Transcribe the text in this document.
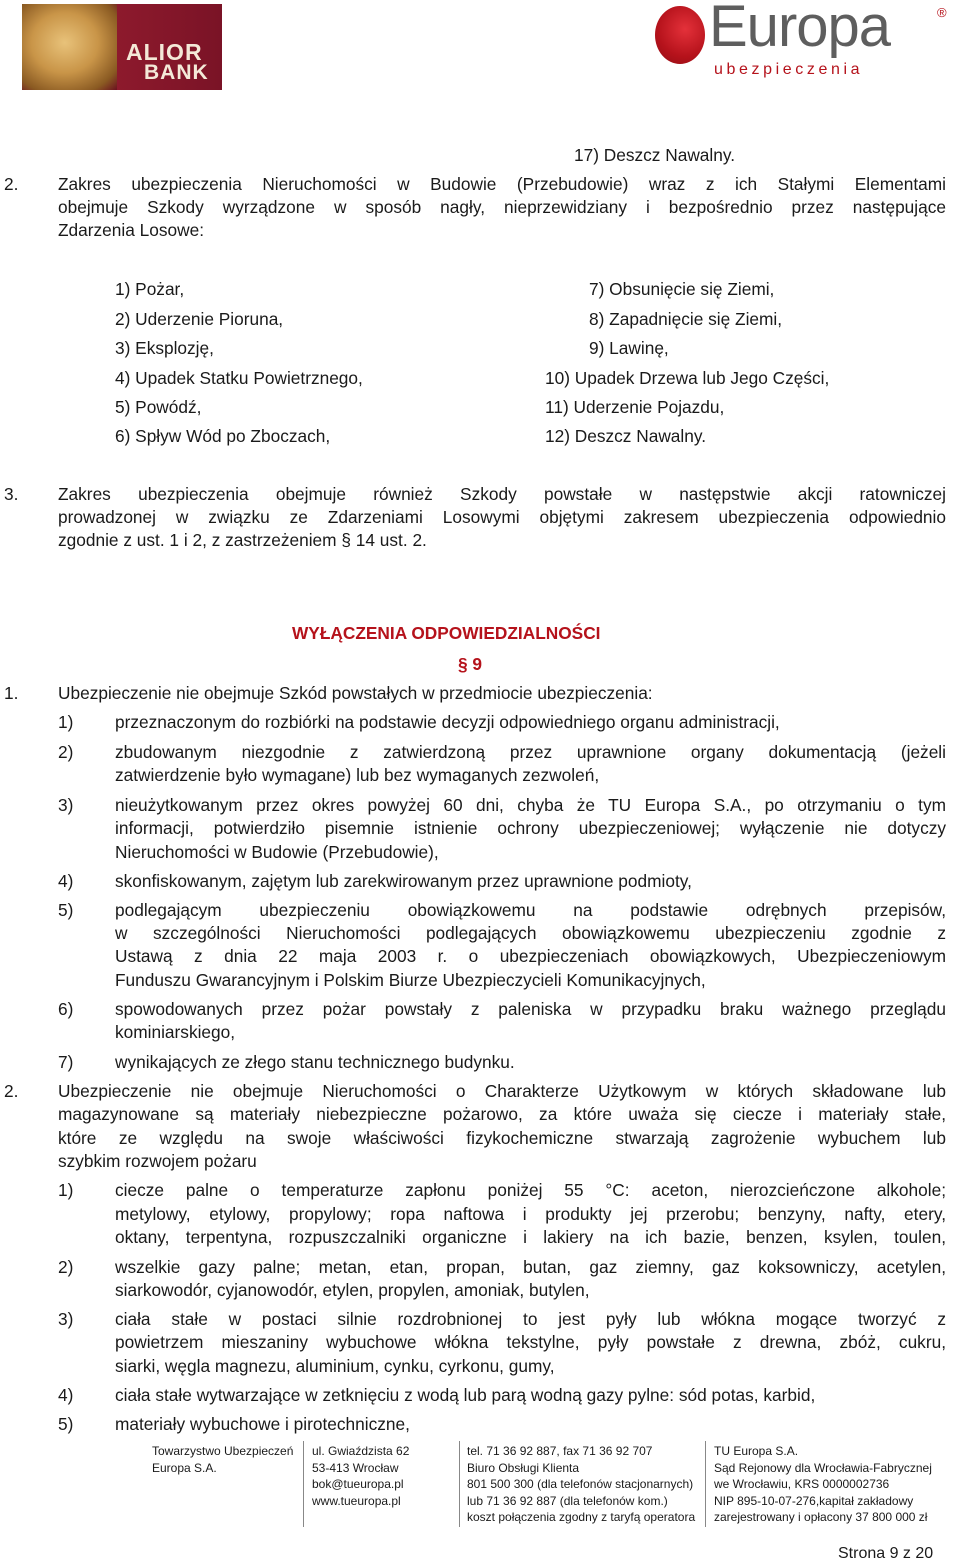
ALIOR
BANK
Europa
ubezpieczenia
®
17) Deszcz Nawalny.
2. Zakres ubezpieczenia Nieruchomości w Budowie (Przebudowie) wraz z ich Stałymi Elementami
obejmuje Szkody wyrządzone w sposób nagły, nieprzewidziany i bezpośrednio przez następujące
Zdarzenia Losowe:
1) Pożar,
2) Uderzenie Pioruna,
3) Eksplozję,
4) Upadek Statku Powietrznego,
5) Powódź,
6) Spływ Wód po Zboczach,
7) Obsunięcie się Ziemi,
8) Zapadnięcie się Ziemi,
9) Lawinę,
10) Upadek Drzewa lub Jego Części,
11) Uderzenie Pojazdu,
12) Deszcz Nawalny.
3. Zakres ubezpieczenia obejmuje również Szkody powstałe w następstwie akcji ratowniczej
prowadzonej w związku ze Zdarzeniami Losowymi objętymi zakresem ubezpieczenia odpowiednio
zgodnie z ust. 1 i 2, z zastrzeżeniem § 14 ust. 2.
WYŁĄCZENIA ODPOWIEDZIALNOŚCI
§ 9
1. Ubezpieczenie nie obejmuje Szkód powstałych w przedmiocie ubezpieczenia:
1) przeznaczonym do rozbiórki na podstawie decyzji odpowiedniego organu administracji,
2) zbudowanym niezgodnie z zatwierdzoną przez uprawnione organy dokumentacją (jeżeli
zatwierdzenie było wymagane) lub bez wymaganych zezwoleń,
3) nieużytkowanym przez okres powyżej 60 dni, chyba że TU Europa S.A., po otrzymaniu o tym
informacji, potwierdziło pisemnie istnienie ochrony ubezpieczeniowej; wyłączenie nie dotyczy
Nieruchomości w Budowie (Przebudowie),
4) skonfiskowanym, zajętym lub zarekwirowanym przez uprawnione podmioty,
5) podlegającym ubezpieczeniu obowiązkowemu na podstawie odrębnych przepisów,
w szczególności Nieruchomości podlegających obowiązkowemu ubezpieczeniu zgodnie z
Ustawą z dnia 22 maja 2003 r. o ubezpieczeniach obowiązkowych, Ubezpieczeniowym
Funduszu Gwarancyjnym i Polskim Biurze Ubezpieczycieli Komunikacyjnych,
6) spowodowanych przez pożar powstały z paleniska w przypadku braku ważnego przeglądu
kominiarskiego,
7) wynikających ze złego stanu technicznego budynku.
2. Ubezpieczenie nie obejmuje Nieruchomości o Charakterze Użytkowym w których składowane lub
magazynowane są materiały niebezpieczne pożarowo, za które uważa się ciecze i materiały stałe,
które ze względu na swoje właściwości fizykochemiczne stwarzają zagrożenie wybuchem lub
szybkim rozwojem pożaru
1) ciecze palne o temperaturze zapłonu poniżej 55 °C: aceton, nierozcieńczone alkohole;
metylowy, etylowy, propylowy; ropa naftowa i produkty jej przerobu; benzyny, nafty, etery,
oktany, terpentyna, rozpuszczalniki organiczne i lakiery na ich bazie, benzen, ksylen, toulen,
2) wszelkie gazy palne; metan, etan, propan, butan, gaz ziemny, gaz koksowniczy, acetylen,
siarkowodór, cyjanowodór, etylen, propylen, amoniak, butylen,
3) ciała stałe w postaci silnie rozdrobnionej to jest pyły lub włókna mogące tworzyć z
powietrzem mieszaniny wybuchowe włókna tekstylne, pyły powstałe z drewna, zbóż, cukru,
siarki, węgla magnezu, aluminium, cynku, cyrkonu, gumy,
4) ciała stałe wytwarzające w zetknięciu z wodą lub parą wodną gazy pylne: sód potas, karbid,
5) materiały wybuchowe i pirotechniczne,
Towarzystwo Ubezpieczeń
Europa S.A.
ul. Gwiaździsta 62
53-413 Wrocław
bok@tueuropa.pl
www.tueuropa.pl
tel. 71 36 92 887, fax 71 36 92 707
Biuro Obsługi Klienta
801 500 300 (dla telefonów stacjonarnych)
lub 71 36 92 887 (dla telefonów kom.)
koszt połączenia zgodny z taryfą operatora
TU Europa S.A.
Sąd Rejonowy dla Wrocławia-Fabrycznej
we Wrocławiu, KRS 0000002736
NIP 895-10-07-276,kapitał zakładowy
zarejestrowany i opłacony 37 800 000 zł
Strona 9 z 20
